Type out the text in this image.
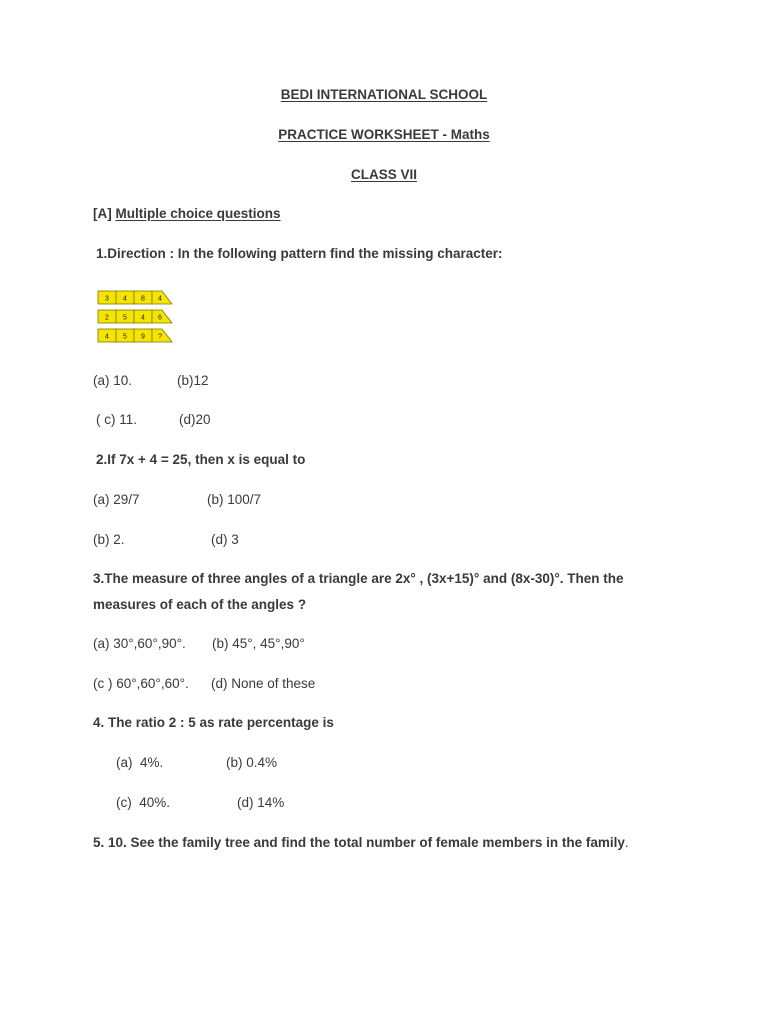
BEDI INTERNATIONAL SCHOOL
PRACTICE WORKSHEET - Maths
CLASS VII
[A] Multiple choice questions
1.Direction : In the following pattern find the missing character:
3 4 8 4
2 5 4 6
4 5 9 ?
(a) 10.	(b)12
( c) 11.	(d)20
2.If 7x + 4 = 25, then x is equal to
(a) 29/7	(b) 100/7
(b) 2.	(d) 3
3.The measure of three angles of a triangle are 2x° , (3x+15)° and (8x-30)°. Then the
measures of each of the angles ?
(a) 30°,60°,90°. (b) 45°, 45°,90°
(c ) 60°,60°,60°. (d) None of these
4. The ratio 2 : 5 as rate percentage is
(a)  4%.	(b) 0.4%
(c)  40%.	(d) 14%
5. 10. See the family tree and find the total number of female members in the family.
